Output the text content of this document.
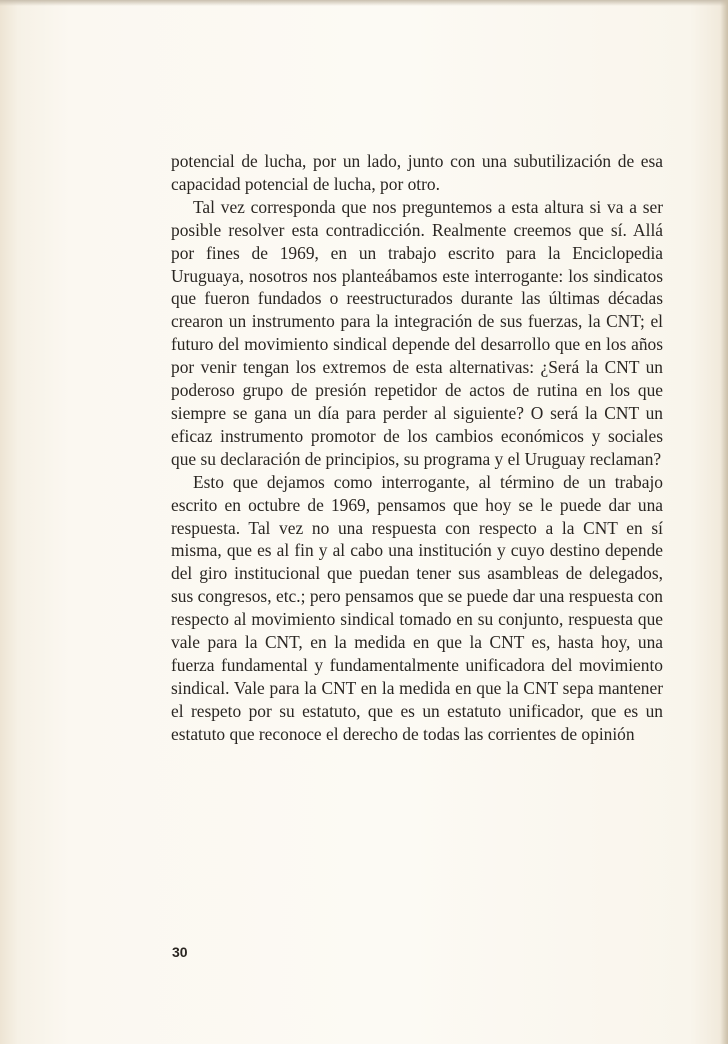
potencial de lucha, por un lado, junto con una subutilización de esa capacidad potencial de lucha, por otro.

Tal vez corresponda que nos preguntemos a esta altura si va a ser posible resolver esta contradicción. Realmente creemos que sí. Allá por fines de 1969, en un trabajo escrito para la Enciclopedia Uruguaya, nosotros nos planteábamos este interrogante: los sindicatos que fueron fundados o reestructurados durante las últimas décadas crearon un instrumento para la integración de sus fuerzas, la CNT; el futuro del movimiento sindical depende del desarrollo que en los años por venir tengan los extremos de esta alternativas: ¿Será la CNT un poderoso grupo de presión repetidor de actos de rutina en los que siempre se gana un día para perder al siguiente? O será la CNT un eficaz instrumento promotor de los cambios económicos y sociales que su declaración de principios, su programa y el Uruguay reclaman?

Esto que dejamos como interrogante, al término de un trabajo escrito en octubre de 1969, pensamos que hoy se le puede dar una respuesta. Tal vez no una respuesta con respecto a la CNT en sí misma, que es al fin y al cabo una institución y cuyo destino depende del giro institucional que puedan tener sus asambleas de delegados, sus congresos, etc.; pero pensamos que se puede dar una respuesta con respecto al movimiento sindical tomado en su conjunto, respuesta que vale para la CNT, en la medida en que la CNT es, hasta hoy, una fuerza fundamental y fundamentalmente unificadora del movimiento sindical. Vale para la CNT en la medida en que la CNT sepa mantener el respeto por su estatuto, que es un estatuto unificador, que es un estatuto que reconoce el derecho de todas las corrientes de opinión

30
